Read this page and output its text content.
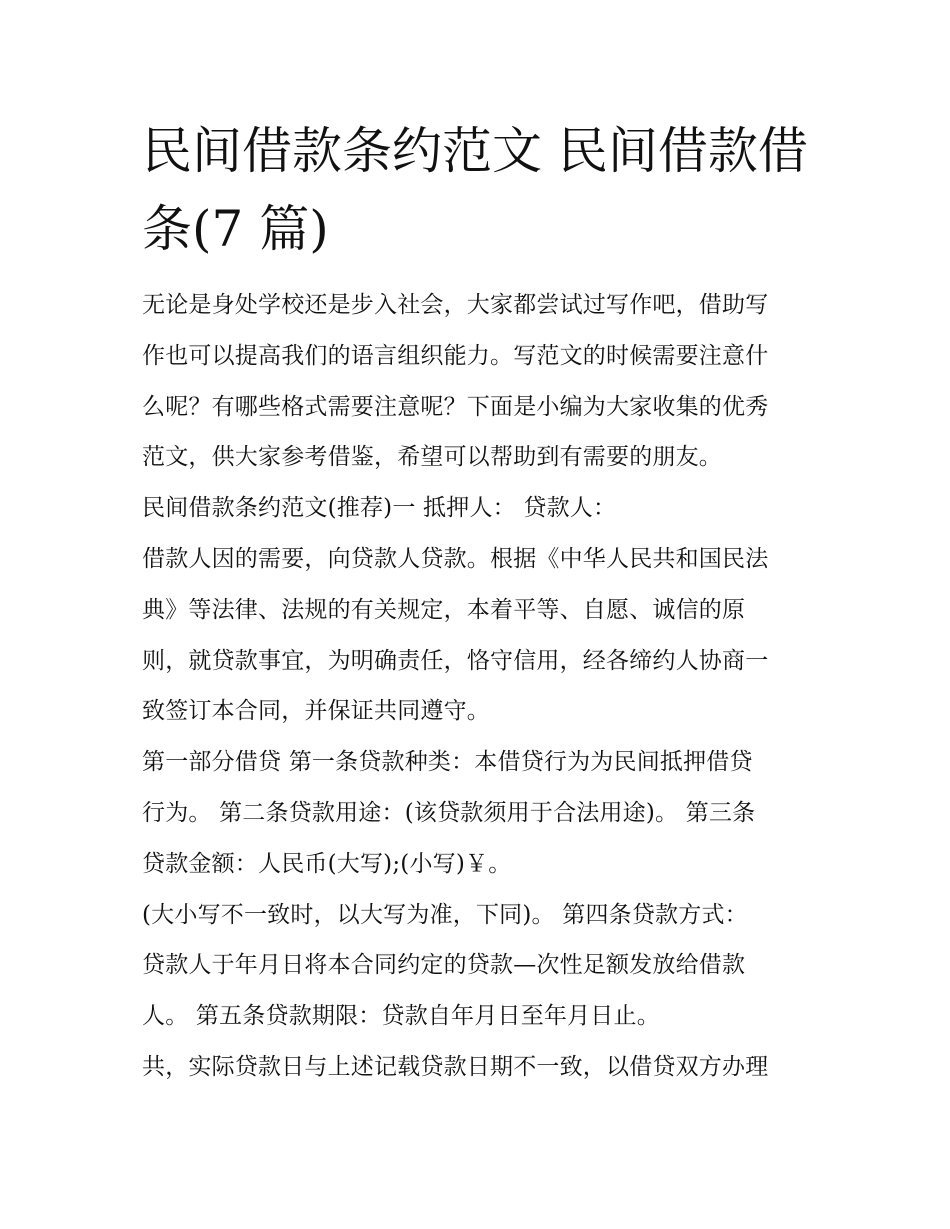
民间借款条约范文 民间借款借
条(7 篇)

无论是身处学校还是步入社会，大家都尝试过写作吧，借助写
作也可以提高我们的语言组织能力。写范文的时候需要注意什
么呢？有哪些格式需要注意呢？下面是小编为大家收集的优秀
范文，供大家参考借鉴，希望可以帮助到有需要的朋友。

民间借款条约范文(推荐)一 抵押人： 贷款人：

借款人因的需要，向贷款人贷款。根据《中华人民共和国民法
典》等法律、法规的有关规定，本着平等、自愿、诚信的原
则，就贷款事宜，为明确责任，恪守信用，经各缔约人协商一
致签订本合同，并保证共同遵守。

第一部分借贷 第一条贷款种类：本借贷行为为民间抵押借贷
行为。 第二条贷款用途：(该贷款须用于合法用途)。 第三条
贷款金额：人民币(大写);(小写)￥。

(大小写不一致时，以大写为准，下同)。 第四条贷款方式：
贷款人于年月日将本合同约定的贷款—次性足额发放给借款
人。 第五条贷款期限：贷款自年月日至年月日止。

共，实际贷款日与上述记载贷款日期不一致，以借贷双方办理
